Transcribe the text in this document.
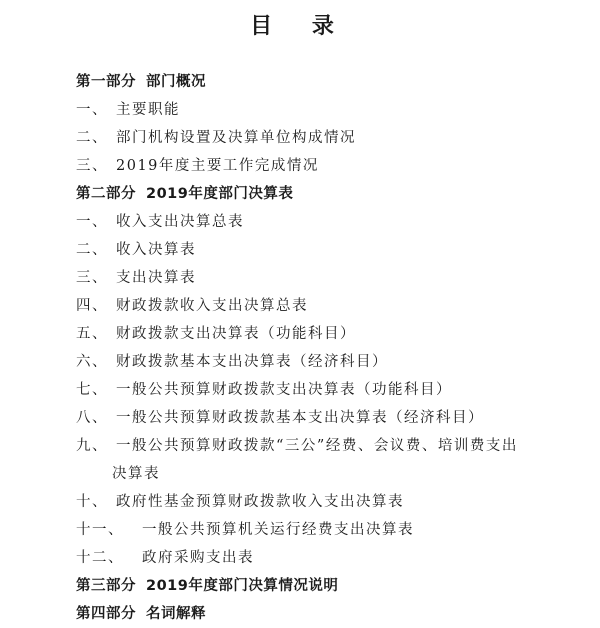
目 录
第一部分 部门概况
一、主要职能
二、部门机构设置及决算单位构成情况
三、2019年度主要工作完成情况
第二部分 2019年度部门决算表
一、 收入支出决算总表
二、 收入决算表
三、 支出决算表
四、 财政拨款收入支出决算总表
五、 财政拨款支出决算表（功能科目）
六、 财政拨款基本支出决算表（经济科目）
七、 一般公共预算财政拨款支出决算表（功能科目）
八、 一般公共预算财政拨款基本支出决算表（经济科目）
九、 一般公共预算财政拨款“三公”经费、会议费、培训费支出
决算表
十、 政府性基金预算财政拨款收入支出决算表
十一、 一般公共预算机关运行经费支出决算表
十二、 政府采购支出表
第三部分 2019年度部门决算情况说明
第四部分 名词解释
